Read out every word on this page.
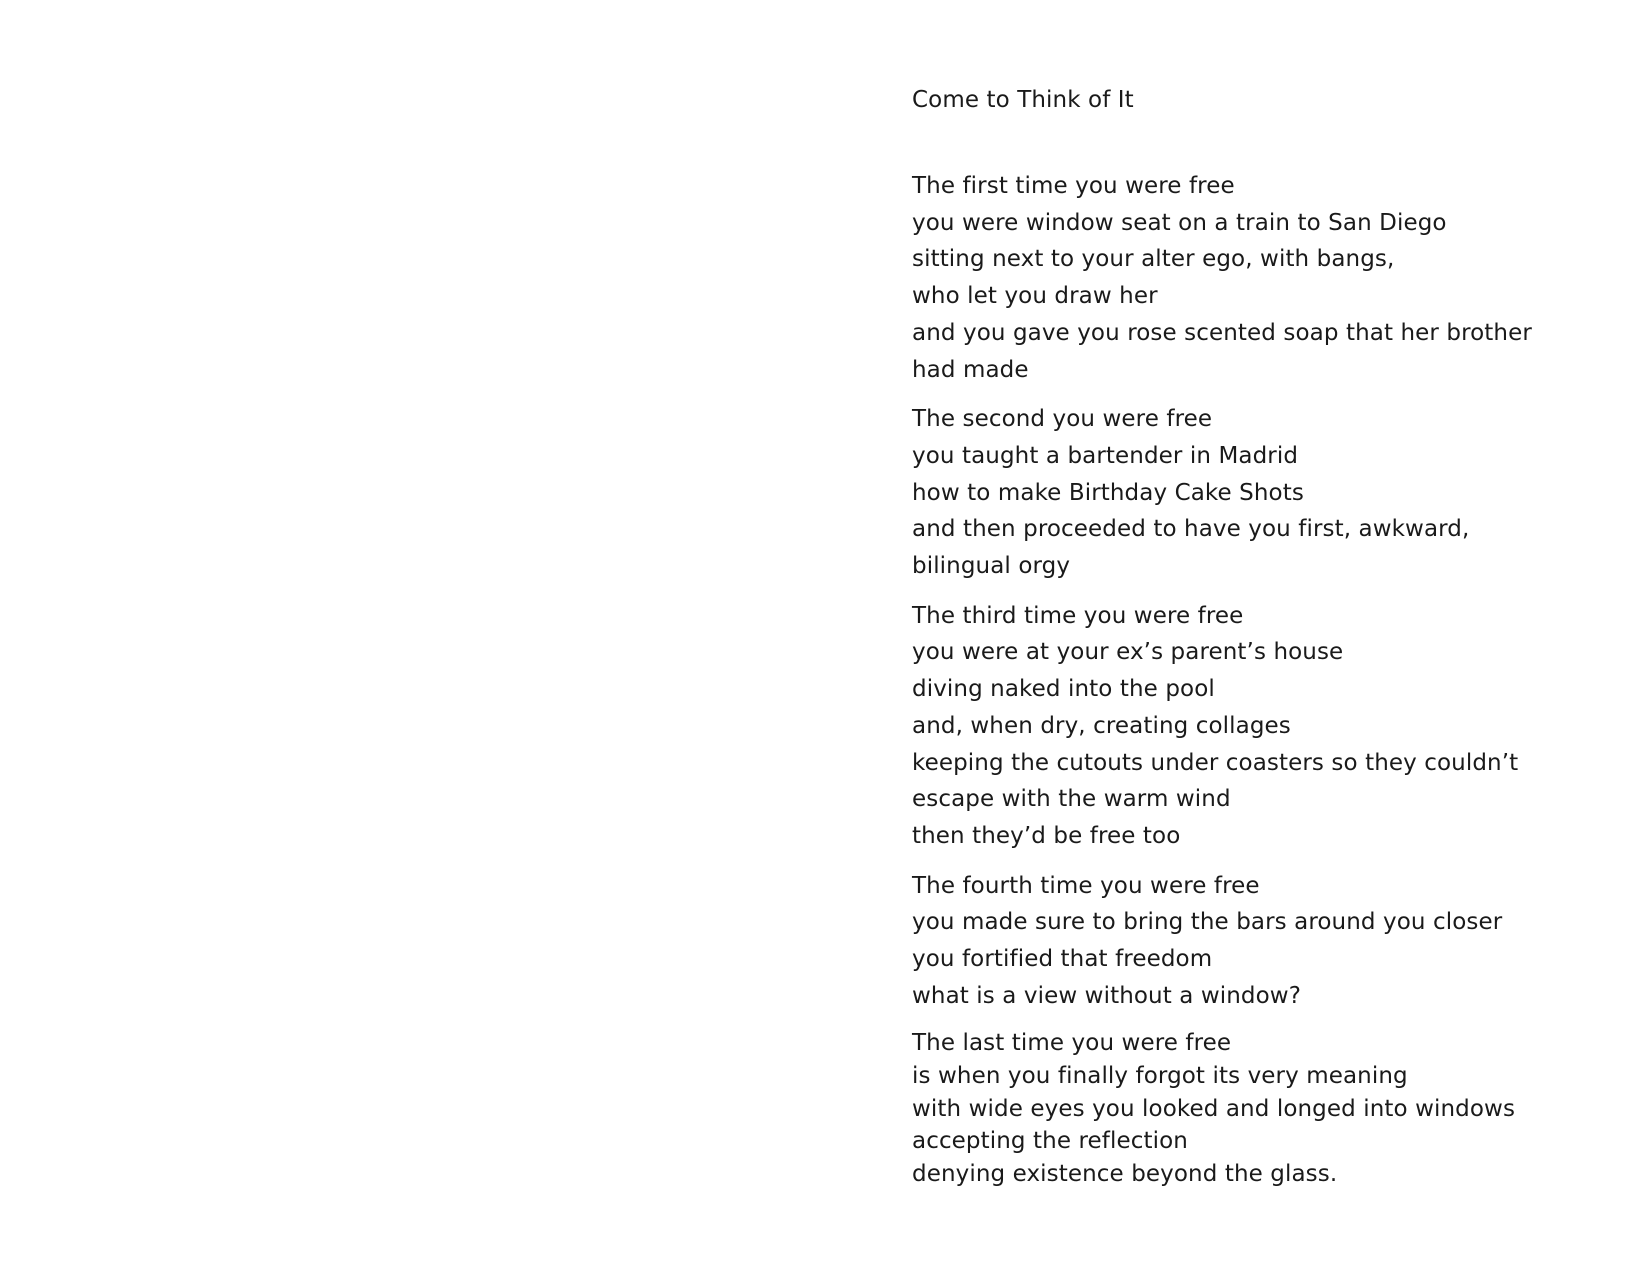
Come to Think of It
The first time you were free
you were window seat on a train to San Diego
sitting next to your alter ego, with bangs,
who let you draw her
and you gave you rose scented soap that her brother
had made
The second you were free
you taught a bartender in Madrid
how to make Birthday Cake Shots
and then proceeded to have you first, awkward,
bilingual orgy
The third time you were free
you were at your ex’s parent’s house
diving naked into the pool
and, when dry, creating collages
keeping the cutouts under coasters so they couldn’t
escape with the warm wind
then they’d be free too
The fourth time you were free
you made sure to bring the bars around you closer
you fortified that freedom
what is a view without a window?
The last time you were free
is when you finally forgot its very meaning
with wide eyes you looked and longed into windows
accepting the reflection
denying existence beyond the glass.
